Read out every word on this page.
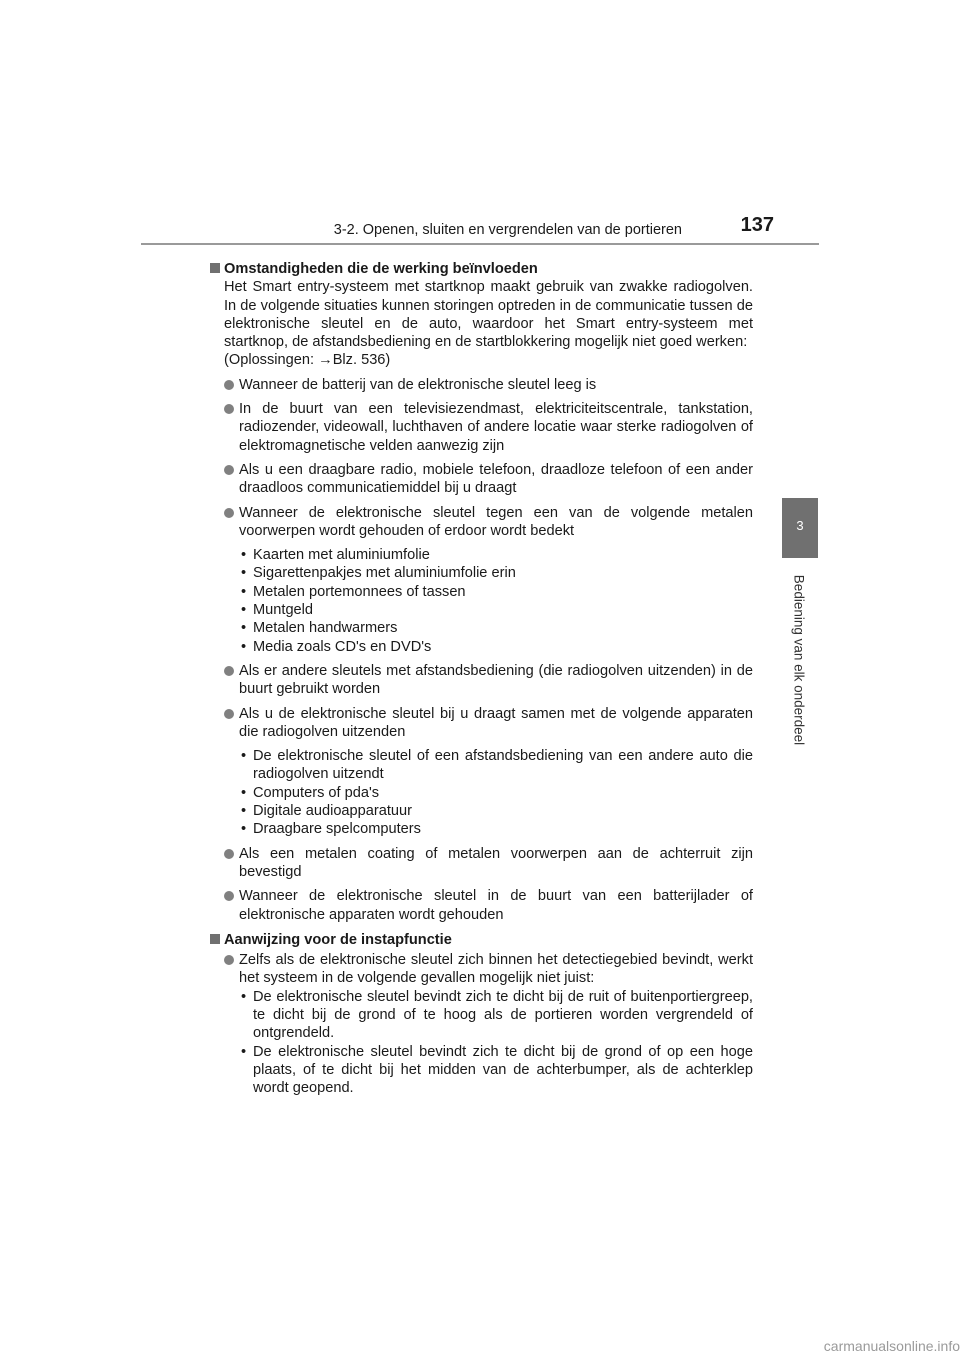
3-2. Openen, sluiten en vergrendelen van de portieren	137
3
Bediening van elk onderdeel
Omstandigheden die de werking beïnvloeden
Het Smart entry-systeem met startknop maakt gebruik van zwakke radiogolven. In de volgende situaties kunnen storingen optreden in de communicatie tussen de elektronische sleutel en de auto, waardoor het Smart entry-systeem met startknop, de afstandsbediening en de startblokkering mogelijk niet goed werken:
(Oplossingen: →Blz. 536)
Wanneer de batterij van de elektronische sleutel leeg is
In de buurt van een televisiezendmast, elektriciteitscentrale, tankstation, radiozender, videowall, luchthaven of andere locatie waar sterke radiogolven of elektromagnetische velden aanwezig zijn
Als u een draagbare radio, mobiele telefoon, draadloze telefoon of een ander draadloos communicatiemiddel bij u draagt
Wanneer de elektronische sleutel tegen een van de volgende metalen voorwerpen wordt gehouden of erdoor wordt bedekt
• Kaarten met aluminiumfolie
• Sigarettenpakjes met aluminiumfolie erin
• Metalen portemonnees of tassen
• Muntgeld
• Metalen handwarmers
• Media zoals CD's en DVD's
Als er andere sleutels met afstandsbediening (die radiogolven uitzenden) in de buurt gebruikt worden
Als u de elektronische sleutel bij u draagt samen met de volgende apparaten die radiogolven uitzenden
• De elektronische sleutel of een afstandsbediening van een andere auto die radiogolven uitzendt
• Computers of pda's
• Digitale audioapparatuur
• Draagbare spelcomputers
Als een metalen coating of metalen voorwerpen aan de achterruit zijn bevestigd
Wanneer de elektronische sleutel in de buurt van een batterijlader of elektronische apparaten wordt gehouden
Aanwijzing voor de instapfunctie
Zelfs als de elektronische sleutel zich binnen het detectiegebied bevindt, werkt het systeem in de volgende gevallen mogelijk niet juist:
• De elektronische sleutel bevindt zich te dicht bij de ruit of buitenportiergreep, te dicht bij de grond of te hoog als de portieren worden vergrendeld of ontgrendeld.
• De elektronische sleutel bevindt zich te dicht bij de grond of op een hoge plaats, of te dicht bij het midden van de achterbumper, als de achterklep wordt geopend.
carmanualsonline.info
